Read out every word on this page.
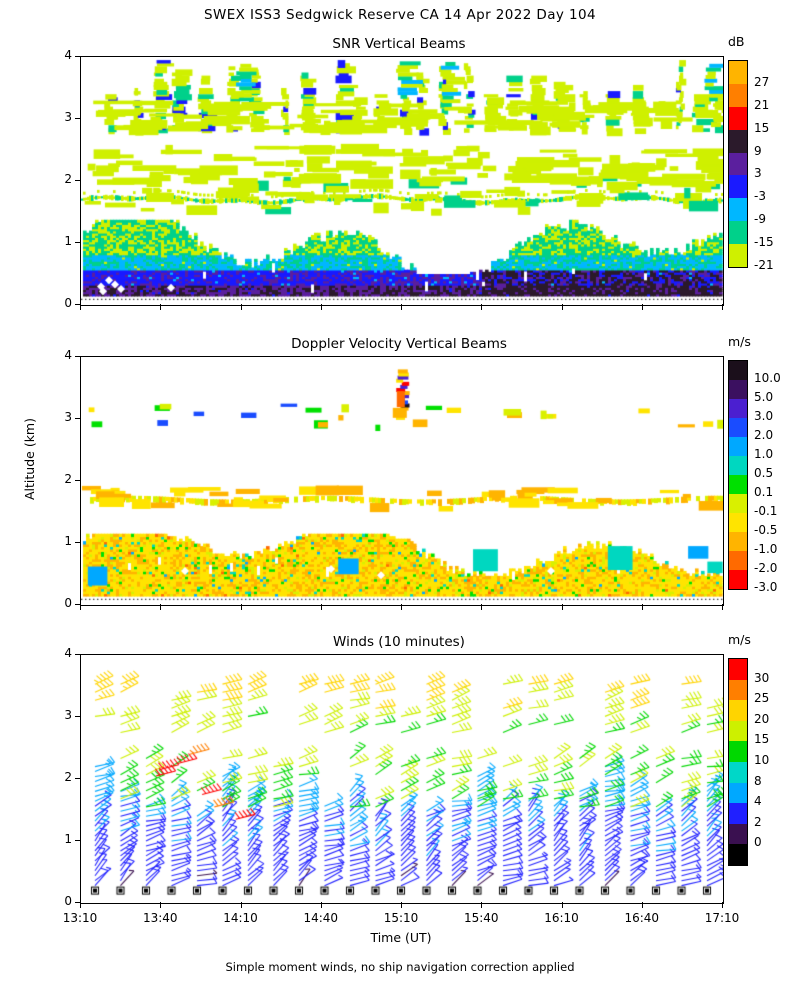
SWEX ISS3 Sedgwick Reserve CA 14 Apr 2022 Day 104
SNR Vertical Beams
Doppler Velocity Vertical Beams
Winds (10 minutes)
Altitude (km)
Time (UT)
Simple moment winds, no ship navigation correction applied
0
1
2
3
4
0
1
2
3
4
0
1
2
3
4
13:10	13:40	14:10	14:40	15:10	15:40	16:10	16:40	17:10
dB
27
21
15
9
3
-3
-9
-15
-21
m/s
10.0
5.0
3.0
2.0
1.0
0.5
0.1
-0.1
-0.5
-1.0
-2.0
-3.0
m/s
30
25
20
15
10
8
4
2
0
